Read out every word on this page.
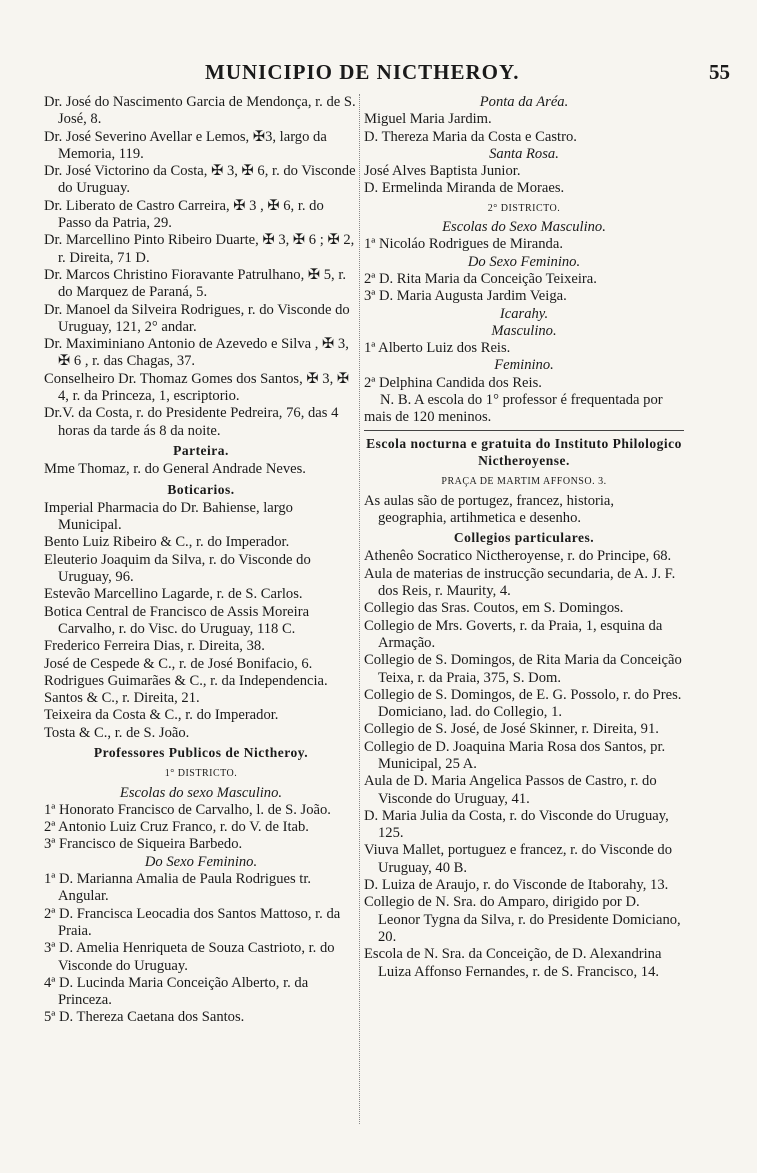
MUNICIPIO DE NICTHEROY.	55
Dr. José do Nascimento Garcia de Mendonça, r. de S. José, 8.
Dr. José Severino Avellar e Lemos, ✠3, largo da Memoria, 119.
Dr. José Victorino da Costa, ✠ 3, ✠ 6, r. do Visconde do Uruguay.
Dr. Liberato de Castro Carreira, ✠ 3 , ✠ 6, r. do Passo da Patria, 29.
Dr. Marcellino Pinto Ribeiro Duarte, ✠ 3, ✠ 6 ; ✠ 2, r. Direita, 71 D.
Dr. Marcos Christino Fioravante Patrulhano, ✠ 5, r. do Marquez de Paraná, 5.
Dr. Manoel da Silveira Rodrigues, r. do Visconde do Uruguay, 121, 2° andar.
Dr. Maximiniano Antonio de Azevedo e Silva , ✠ 3, ✠ 6 , r. das Chagas, 37.
Conselheiro Dr. Thomaz Gomes dos Santos, ✠ 3, ✠ 4, r. da Princeza, 1, escriptorio.
Dr.V. da Costa, r. do Presidente Pedreira, 76, das 4 horas da tarde ás 8 da noite.
Parteira.
Mme Thomaz, r. do General Andrade Neves.
Boticarios.
Imperial Pharmacia do Dr. Bahiense, largo Municipal.
Bento Luiz Ribeiro & C., r. do Imperador.
Eleuterio Joaquim da Silva, r. do Visconde do Uruguay, 96.
Estevão Marcellino Lagarde, r. de S. Carlos.
Botica Central de Francisco de Assis Moreira Carvalho, r. do Visc. do Uruguay, 118 C.
Frederico Ferreira Dias, r. Direita, 38.
José de Cespede & C., r. de José Bonifacio, 6.
Rodrigues Guimarães & C., r. da Independencia.
Santos & C., r. Direita, 21.
Teixeira da Costa & C., r. do Imperador.
Tosta & C., r. de S. João.
Professores Publicos de Nictheroy.
1° DISTRICTO.
Escolas do sexo Masculino.
1ª Honorato Francisco de Carvalho, l. de S. João.
2ª Antonio Luiz Cruz Franco, r. do V. de Itab.
3ª Francisco de Siqueira Barbedo.
Do Sexo Feminino.
1ª D. Marianna Amalia de Paula Rodrigues tr. Angular.
2ª D. Francisca Leocadia dos Santos Mattoso, r. da Praia.
3ª D. Amelia Henriqueta de Souza Castrioto, r. do Visconde do Uruguay.
4ª D. Lucinda Maria Conceição Alberto, r. da Princeza.
5ª D. Thereza Caetana dos Santos.
Ponta da Aréa.
Miguel Maria Jardim.
D. Thereza Maria da Costa e Castro.
Santa Rosa.
José Alves Baptista Junior.
D. Ermelinda Miranda de Moraes.
2° DISTRICTO.
Escolas do Sexo Masculino.
1ª Nicoláo Rodrigues de Miranda.
Do Sexo Feminino.
2ª D. Rita Maria da Conceição Teixeira.
3ª D. Maria Augusta Jardim Veiga.
Icarahy.
Masculino.
1ª Alberto Luiz dos Reis.
Feminino.
2ª Delphina Candida dos Reis.
N. B. A escola do 1° professor é frequentada por mais de 120 meninos.
Escola nocturna e gratuita do Instituto Philologico Nictheroyense.
PRAÇA DE MARTIM AFFONSO. 3.
As aulas são de portugez, francez, historia, geographia, artihmetica e desenho.
Collegios particulares.
Athenêo Socratico Nictheroyense, r. do Principe, 68.
Aula de materias de instrucção secundaria, de A. J. F. dos Reis, r. Maurity, 4.
Collegio das Sras. Coutos, em S. Domingos.
Collegio de Mrs. Goverts, r. da Praia, 1, esquina da Armação.
Collegio de S. Domingos, de Rita Maria da Conceição Teixa, r. da Praia, 375, S. Dom.
Collegio de S. Domingos, de E. G. Possolo, r. do Pres. Domiciano, lad. do Collegio, 1.
Collegio de S. José, de José Skinner, r. Direita, 91.
Collegio de D. Joaquina Maria Rosa dos Santos, pr. Municipal, 25 A.
Aula de D. Maria Angelica Passos de Castro, r. do Visconde do Uruguay, 41.
D. Maria Julia da Costa, r. do Visconde do Uruguay, 125.
Viuva Mallet, portuguez e francez, r. do Visconde do Uruguay, 40 B.
D. Luiza de Araujo, r. do Visconde de Itaborahy, 13.
Collegio de N. Sra. do Amparo, dirigido por D. Leonor Tygna da Silva, r. do Presidente Domiciano, 20.
Escola de N. Sra. da Conceição, de D. Alexandrina Luiza Affonso Fernandes, r. de S. Francisco, 14.
